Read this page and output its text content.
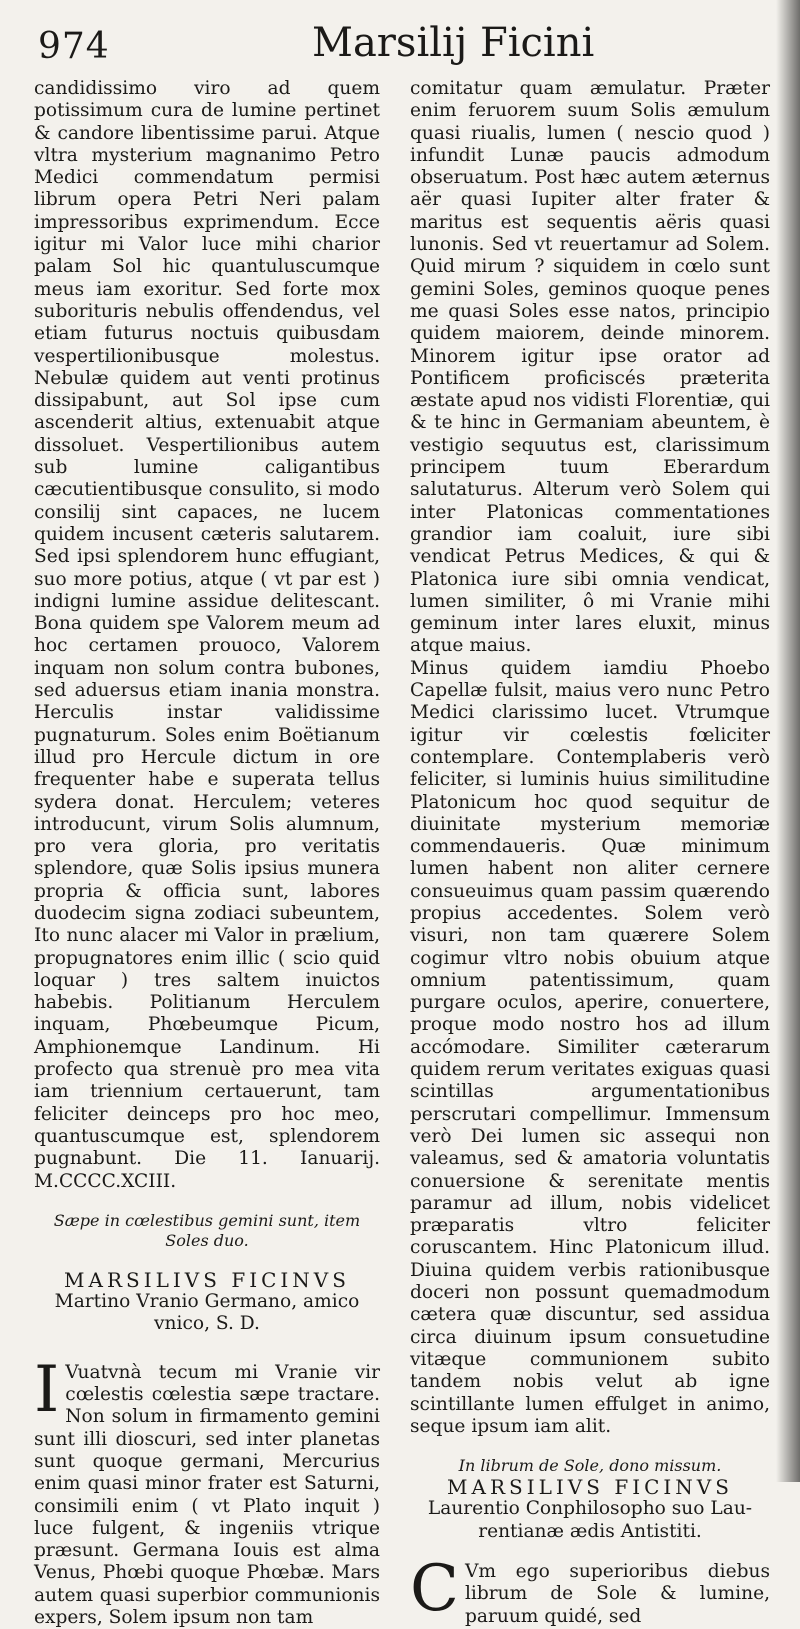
974	Marsilij Ficini

candidissimo viro ad quem potissimum cura de lumine pertinet & candore libentissime parui. Atque vltra mysterium magnanimo Petro Medici commendatum permisi librum opera Petri Neri palam impressoribus exprimendum. Ecce igitur mi Valor luce mihi charior palam Sol hic quantuluscumque meus iam exoritur. Sed forte mox suborituris nebulis offendendus, vel etiam futurus noctuis quibusdam vespertilionibusque molestus. Nebulæ quidem aut venti protinus dissipabunt, aut Sol ipse cum ascenderit altius, extenuabit atque dissoluet. Vespertilionibus autem sub lumine caligantibus cæcutientibusque consulito, si modo consilij sint capaces, ne lucem quidem incusent cæteris salutarem. Sed ipsi splendorem hunc effugiant, suo more potius, atque ( vt par est ) indigni lumine assidue delitescant. Bona quidem spe Valorem meum ad hoc certamen prouoco, Valorem inquam non solum contra bubones, sed aduersus etiam inania monstra. Herculis instar validissime pugnaturum. Soles enim Boëtianum illud pro Hercule dictum in ore frequenter habe e superata tellus sydera donat. Herculem; veteres introducunt, virum Solis alumnum, pro vera gloria, pro veritatis splendore, quæ Solis ipsius munera propria & officia sunt, labores duodecim signa zodiaci subeuntem, Ito nunc alacer mi Valor in prælium, propugnatores enim illic ( scio quid loquar ) tres saltem inuictos habebis. Politianum Herculem inquam, Phœbeumque Picum, Amphionemque Landinum. Hi profecto qua strenuè pro mea vita iam triennium certauerunt, tam feliciter deinceps pro hoc meo, quantuscumque est, splendorem pugnabunt. Die 11. Ianuarij. M.CCCC.XCIII.

Sæpe in cœlestibus gemini sunt, item

Soles duo.

MARSILIVS FICINVS

Martino Vranio Germano, amico

vnico, S. D.

I Vuatvnà tecum mi Vranie vir cœlestis cœlestia sæpe tractare. Non solum in firmamento gemini sunt illi dioscuri, sed inter planetas sunt quoque germani, Mercurius enim quasi minor frater est Saturni, consimili enim ( vt Plato inquit ) luce fulgent, & ingeniis vtrique præsunt. Germana Iouis est alma Venus, Phœbi quoque Phœbæ. Mars autem quasi superbior communionis expers, Solem ipsum non tam

comitatur quam æmulatur. Præter enim feruorem suum Solis æmulum quasi riualis, lumen ( nescio quod ) infundit Lunæ paucis admodum obseruatum. Post hæc autem æternus aër quasi Iupiter alter frater & maritus est sequentis aëris quasi lunonis. Sed vt reuertamur ad Solem. Quid mirum ? siquidem in cœlo sunt gemini Soles, geminos quoque penes me quasi Soles esse natos, principio quidem maiorem, deinde minorem. Minorem igitur ipse orator ad Pontificem proficiscés præterita æstate apud nos vidisti Florentiæ, qui & te hinc in Germaniam abeuntem, è vestigio sequutus est, clarissimum principem tuum Eberardum salutaturus. Alterum verò Solem qui inter Platonicas commentationes grandior iam coaluit, iure sibi vendicat Petrus Medices, & qui & Platonica iure sibi omnia vendicat, lumen similiter, ô mi Vranie mihi geminum inter lares eluxit, minus atque maius.

Minus quidem iamdiu Phoebo Capellæ fulsit, maius vero nunc Petro Medici clarissimo lucet. Vtrumque igitur vir cœlestis fœliciter contemplare. Contemplaberis verò feliciter, si luminis huius similitudine Platonicum hoc quod sequitur de diuinitate mysterium memoriæ commendaueris. Quæ minimum lumen habent non aliter cernere consueuimus quam passim quærendo propius accedentes. Solem verò visuri, non tam quærere Solem cogimur vltro nobis obuium atque omnium patentissimum, quam purgare oculos, aperire, conuertere, proque modo nostro hos ad illum accómodare. Similiter cæterarum quidem rerum veritates exiguas quasi scintillas argumentationibus perscrutari compellimur. Immensum verò Dei lumen sic assequi non valeamus, sed & amatoria voluntatis conuersione & serenitate mentis paramur ad illum, nobis videlicet præparatis vltro feliciter coruscantem. Hinc Platonicum illud. Diuina quidem verbis rationibusque doceri non possunt quemadmodum cætera quæ discuntur, sed assidua circa diuinum ipsum consuetudine vitæque communionem subito tandem nobis velut ab igne scintillante lumen effulget in animo, seque ipsum iam alit.

In librum de Sole, dono missum.

MARSILIVS FICINVS

Laurentio Conphilosopho suo Lau-

rentianæ ædis Antistiti.

C Vm ego superioribus diebus librum de Sole & lumine, paruum quidé, sed
